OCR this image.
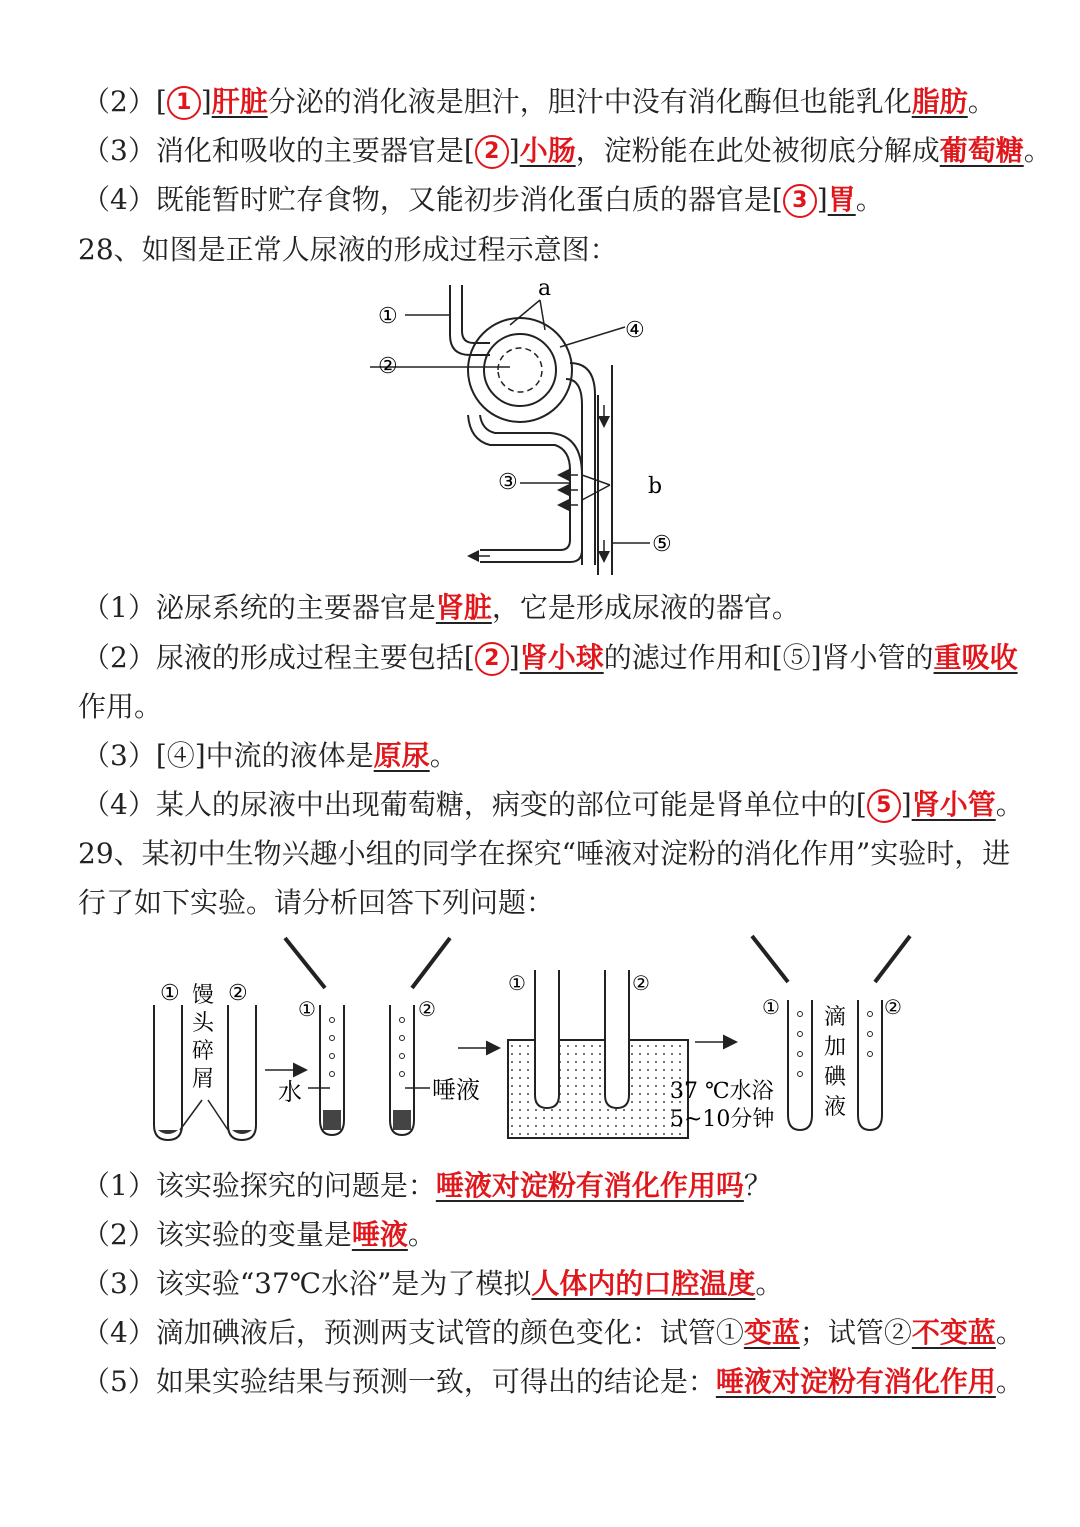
（2）[ 1 ]肝脏分泌的消化液是胆汁，胆汁中没有消化酶但也能乳化脂肪。
（3）消化和吸收的主要器官是[ 2 ]小肠，淀粉能在此处被彻底分解成葡萄糖。
（4）既能暂时贮存食物，又能初步消化蛋白质的器官是[ 3 ]胃。
28、如图是正常人尿液的形成过程示意图：
①
②
③
④
⑤
a
b
（1）泌尿系统的主要器官是肾脏，它是形成尿液的器官。
（2）尿液的形成过程主要包括[ 2 ]肾小球的滤过作用和[⑤]肾小管的重吸收
作用。
（3）[④]中流的液体是原尿。
（4）某人的尿液中出现葡萄糖，病变的部位可能是肾单位中的[ 5 ]肾小管。
29、某初中生物兴趣小组的同学在探究“唾液对淀粉的消化作用”实验时，进
行了如下实验。请分析回答下列问题：
① ②
馒
头
碎
屑
①	②
水	唾液
①	②
37 ℃水浴
5~10分钟
①	②
滴
加
碘
液
（1）该实验探究的问题是：唾液对淀粉有消化作用吗？
（2）该实验的变量是唾液。
（3）该实验“37℃水浴”是为了模拟人体内的口腔温度。
（4）滴加碘液后，预测两支试管的颜色变化：试管①变蓝；试管②不变蓝。
（5）如果实验结果与预测一致，可得出的结论是：唾液对淀粉有消化作用。
